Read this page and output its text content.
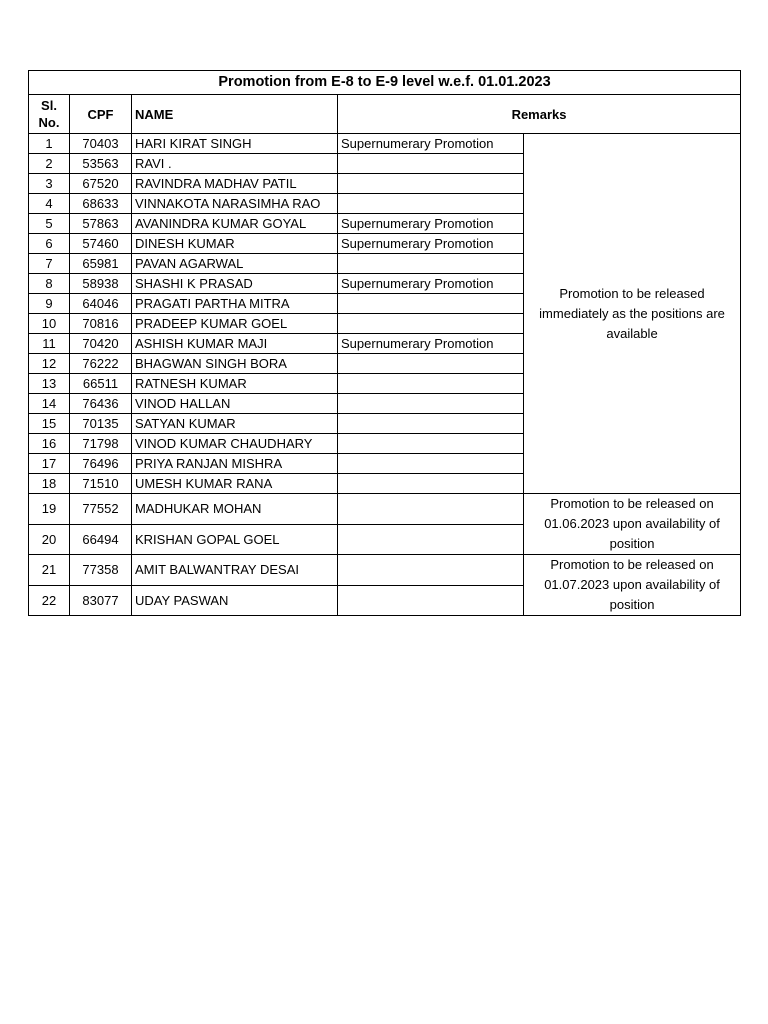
Promotion from E-8 to E-9 level w.e.f. 01.01.2023				
Sl. No.	CPF	NAME	Remarks	
1	70403	HARI KIRAT SINGH	Supernumerary Promotion	Promotion to be released immediately as the positions are available
2	53563	RAVI .		
3	67520	RAVINDRA MADHAV PATIL		
4	68633	VINNAKOTA NARASIMHA RAO		
5	57863	AVANINDRA KUMAR GOYAL	Supernumerary Promotion	
6	57460	DINESH KUMAR	Supernumerary Promotion	
7	65981	PAVAN AGARWAL		
8	58938	SHASHI K PRASAD	Supernumerary Promotion	
9	64046	PRAGATI PARTHA MITRA		
10	70816	PRADEEP KUMAR GOEL		
11	70420	ASHISH KUMAR MAJI	Supernumerary Promotion	
12	76222	BHAGWAN SINGH BORA		
13	66511	RATNESH KUMAR		
14	76436	VINOD HALLAN		
15	70135	SATYAN KUMAR		
16	71798	VINOD KUMAR CHAUDHARY		
17	76496	PRIYA RANJAN MISHRA		
18	71510	UMESH KUMAR RANA		
19	77552	MADHUKAR MOHAN		Promotion to be released on 01.06.2023 upon availability of position
20	66494	KRISHAN GOPAL GOEL		
21	77358	AMIT BALWANTRAY DESAI		Promotion to be released on 01.07.2023 upon availability of position
22	83077	UDAY PASWAN		
